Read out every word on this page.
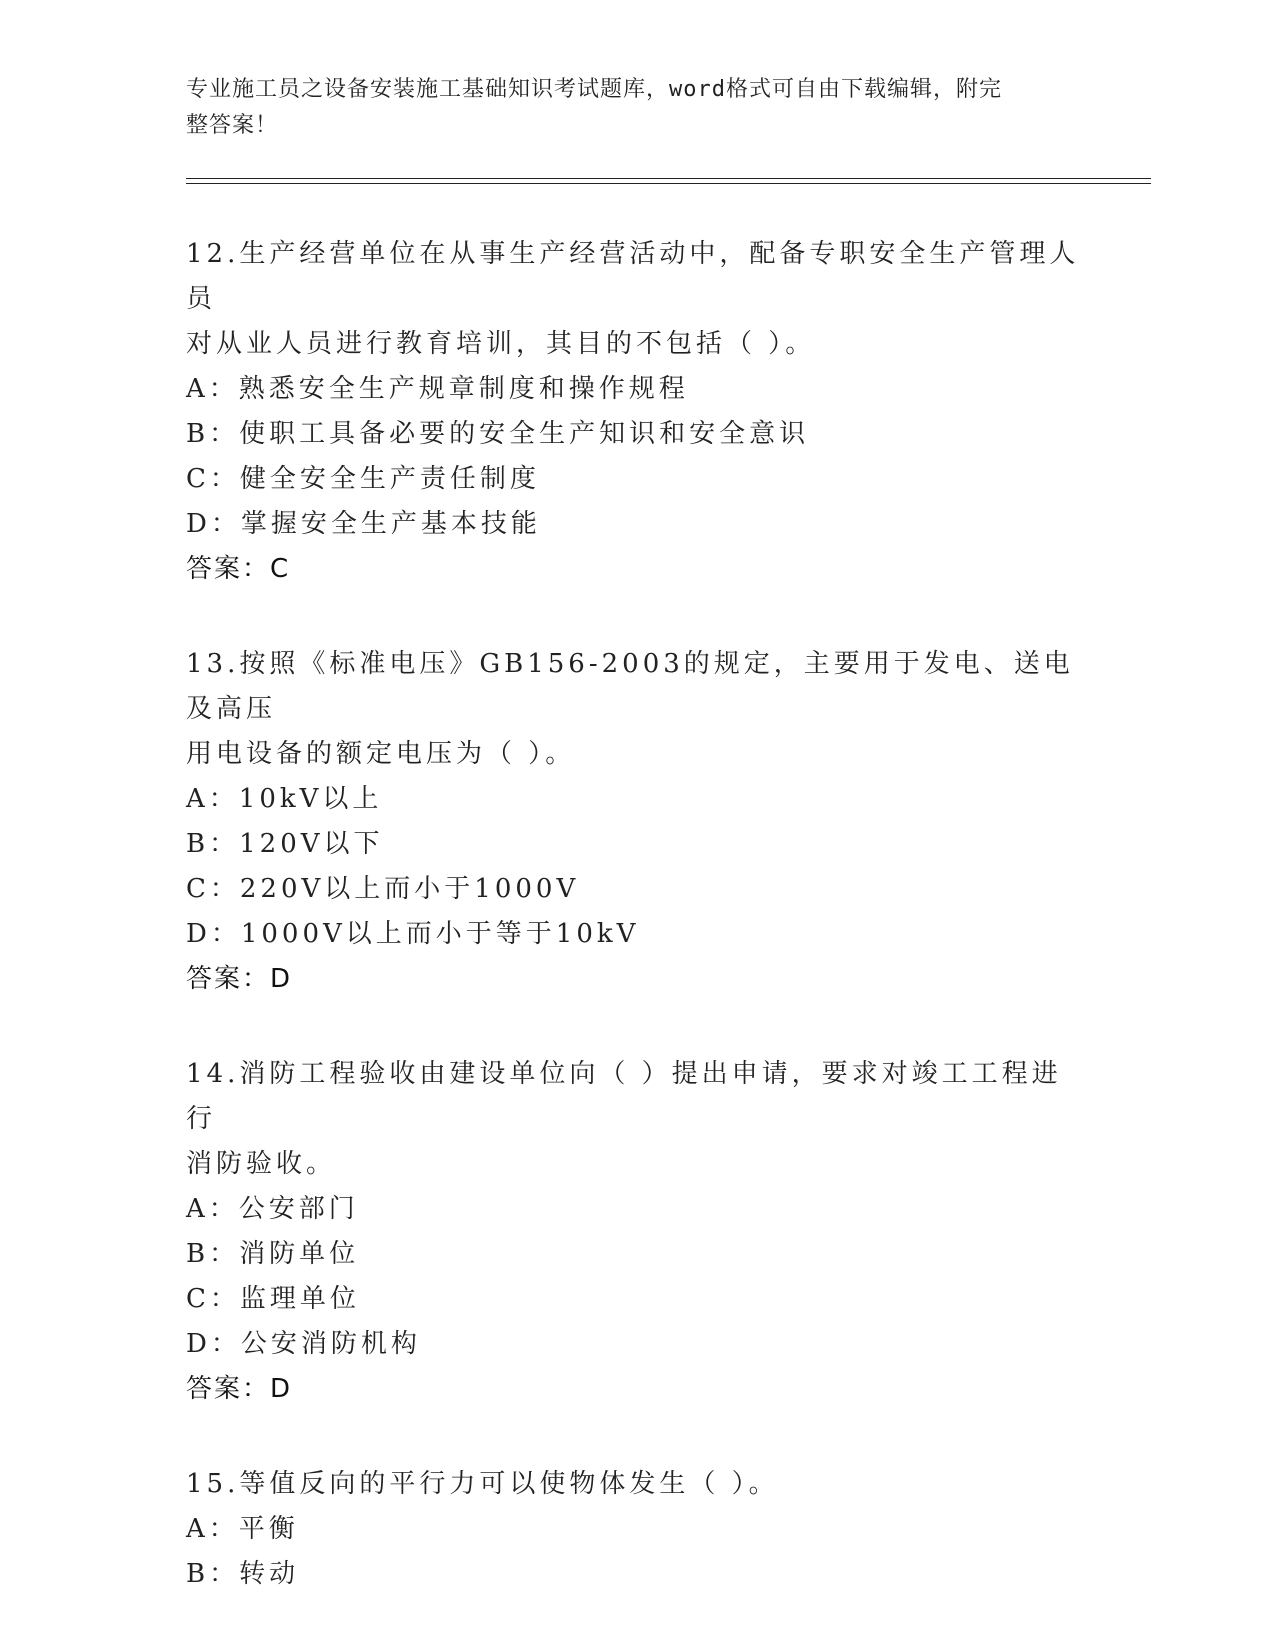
专业施工员之设备安装施工基础知识考试题库，word格式可自由下载编辑，附完
整答案！
12.生产经营单位在从事生产经营活动中，配备专职安全生产管理人员
对从业人员进行教育培训，其目的不包括（ ）。
A：熟悉安全生产规章制度和操作规程
B：使职工具备必要的安全生产知识和安全意识
C：健全安全生产责任制度
D：掌握安全生产基本技能
答案：C
13.按照《标准电压》GB156-2003的规定，主要用于发电、送电及高压
用电设备的额定电压为（ ）。
A：10kV以上
B：120V以下
C：220V以上而小于1000V
D：1000V以上而小于等于10kV
答案：D
14.消防工程验收由建设单位向（ ）提出申请，要求对竣工工程进行
消防验收。
A：公安部门
B：消防单位
C：监理单位
D：公安消防机构
答案：D
15.等值反向的平行力可以使物体发生（ ）。
A：平衡
B：转动
